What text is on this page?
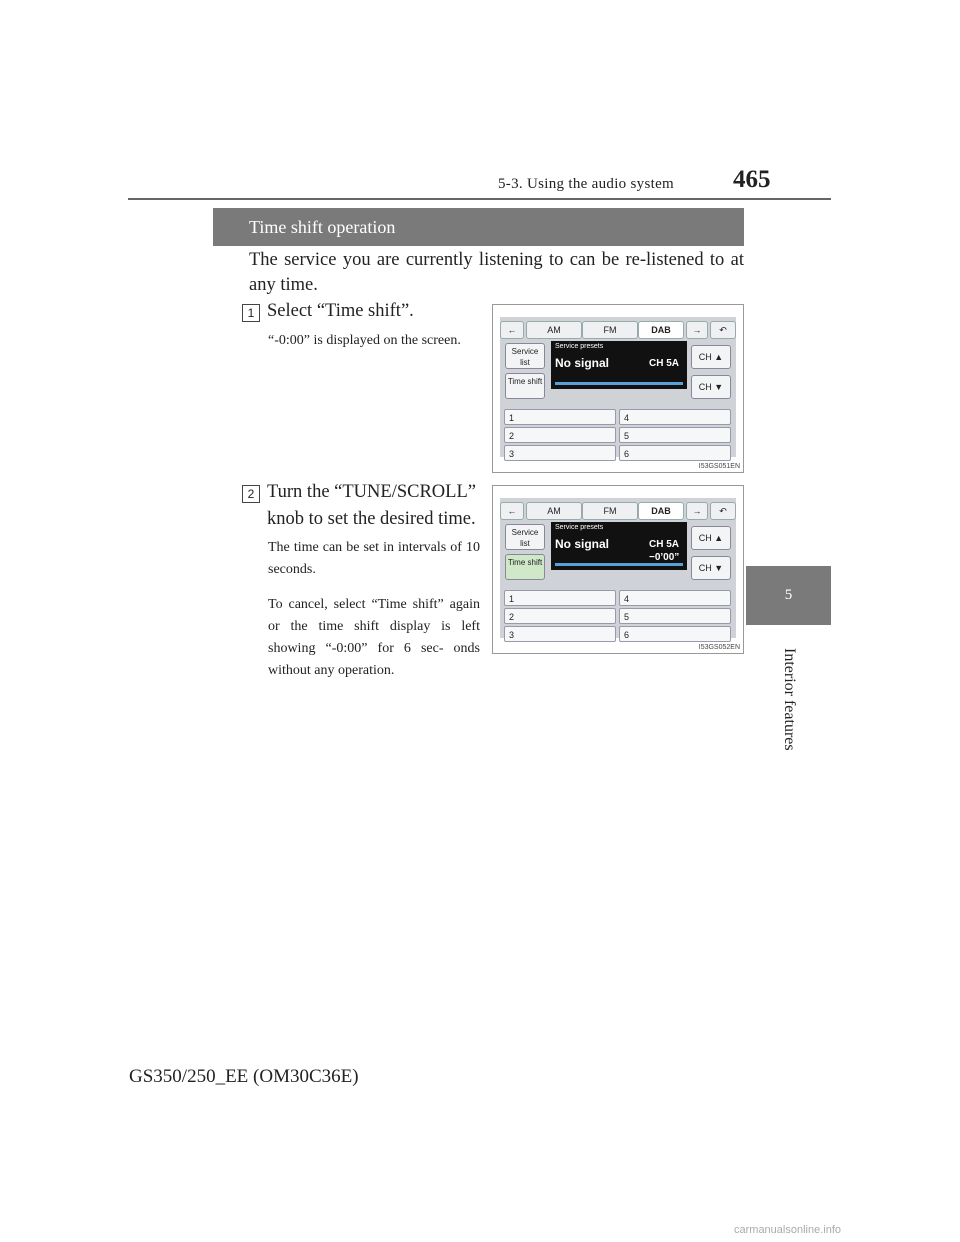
5-3. Using the audio system 465
5
Interior features
Time shift operation
The service you are currently listening to can be re-listened to at any time.
1 Select “Time shift”.
“-0:00” is displayed on the screen.
←	AM	FM	DAB	→	↶
Service list
Time shift
Service presets
No signal	CH 5A
CH ▲
CH ▼
1	4
2	5
3	6
I53GS051EN
2 Turn the “TUNE/SCROLL”
knob to set the desired time.
The time can be set in intervals of 10 seconds.
To cancel, select “Time shift” again or the time shift display is left showing “-0:00” for 6 sec- onds without any operation.
←	AM	FM	DAB	→	↶
Service list
Time shift
Service presets
No signal	CH 5A
−0’00”
CH ▲
CH ▼
1	4
2	5
3	6
I53GS052EN
GS350/250_EE (OM30C36E)
carmanualsonline.info
